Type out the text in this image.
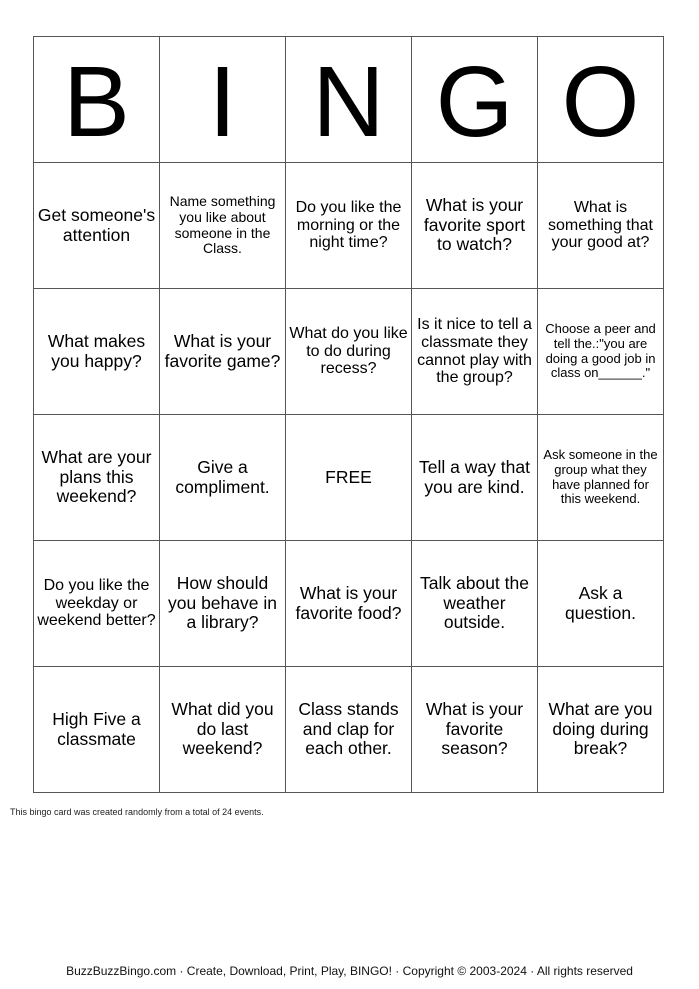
B	I	N	G	O
Get someone's attention	Name something you like about someone in the Class.	Do you like the morning or the night time?	What is your favorite sport to watch?	What is something that your good at?
What makes you happy?	What is your favorite game?	What do you like to do during recess?	Is it nice to tell a classmate they cannot play with the group?	Choose a peer and tell the.:"you are doing a good job in class on______."
What are your plans this weekend?	Give a compliment.	FREE	Tell a way that you are kind.	Ask someone in the group what they have planned for this weekend.
Do you like the weekday or weekend better?	How should you behave in a library?	What is your favorite food?	Talk about the weather outside.	Ask a question.
High Five a classmate	What did you do last weekend?	Class stands and clap for each other.	What is your favorite season?	What are you doing during break?

This bingo card was created randomly from a total of 24 events.

BuzzBuzzBingo.com · Create, Download, Print, Play, BINGO! · Copyright © 2003-2024 · All rights reserved
